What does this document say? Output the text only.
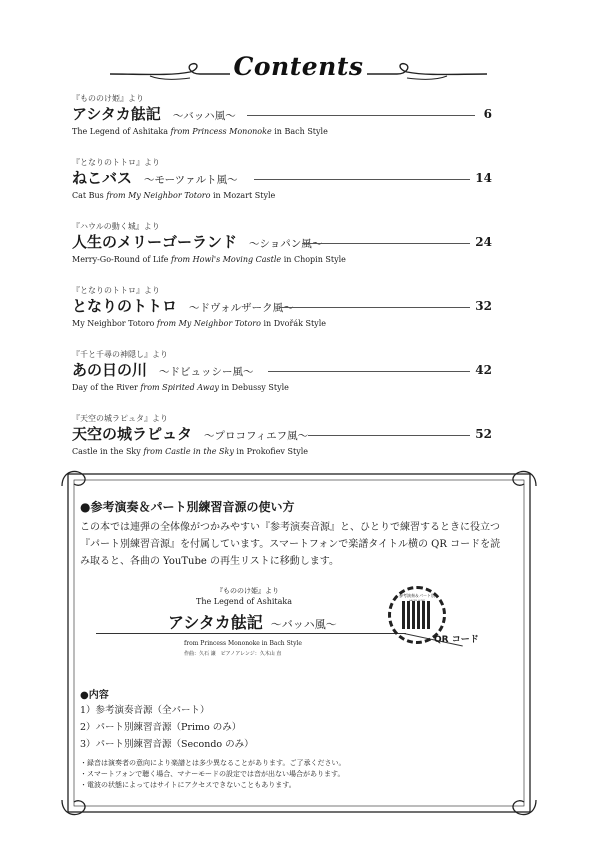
Contents
『もののけ姫』より
アシタカ䏻記 ～バッハ風～
The Legend of Ashitaka from Princess Mononoke in Bach Style
6
『となりのトトロ』より
ねこバス ～モーツァルト風～
Cat Bus from My Neighbor Totoro in Mozart Style
14
『ハウルの動く城』より
人生のメリーゴーランド ～ショパン風～
Merry-Go-Round of Life from Howl's Moving Castle in Chopin Style
24
『となりのトトロ』より
となりのトトロ ～ドヴォルザーク風～
My Neighbor Totoro from My Neighbor Totoro in Dvořák Style
32
『千と千尋の神隠し』より
あの日の川 ～ドビュッシー風～
Day of the River from Spirited Away in Debussy Style
42
『天空の城ラピュタ』より
天空の城ラピュタ ～プロコフィエフ風～
Castle in the Sky from Castle in the Sky in Prokofiev Style
52
●参考演奏＆パート別練習音源の使い方
この本では連弾の全体像がつかみやすい『参考演奏音源』と、ひとりで練習するときに役立つ
『パート別練習音源』を付属しています。スマートフォンで楽譜タイトル横の QR コードを読
み取ると、各曲の YouTube の再生リストに移動します。
『もののけ姫』より
The Legend of Ashitaka
アシタカ䏻記 ～バッハ風～
from Princess Mononoke in Bach Style
作曲：久石 譲　ピアノアレンジ：久木山 直
参考演奏＆パート別
QR コード
●内容
1）参考演奏音源（全パート）
2）パート別練習音源（Primo のみ）
3）パート別練習音源（Secondo のみ）
・録音は演奏者の意向により楽譜とは多少異なることがあります。ご了承ください。
・スマートフォンで聴く場合、マナーモードの設定では音が出ない場合があります。
・電波の状態によってはサイトにアクセスできないこともあります。
